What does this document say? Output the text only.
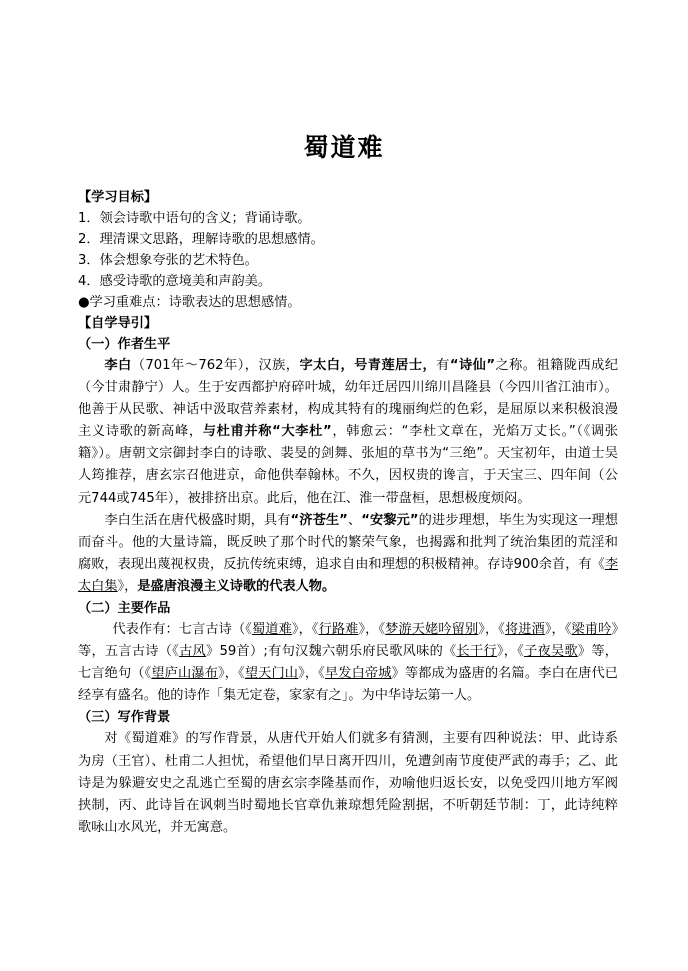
蜀道难
【学习目标】
1．领会诗歌中语句的含义；背诵诗歌。
2．理清课文思路，理解诗歌的思想感情。
3．体会想象夸张的艺术特色。
4．感受诗歌的意境美和声韵美。
●学习重难点：诗歌表达的思想感情。
【自学导引】
（一）作者生平

李白（701年～762年），汉族，字太白，号青莲居士，有“诗仙”之称。祖籍陇西成纪（今甘肃静宁）人。生于安西都护府碎叶城，幼年迁居四川绵川昌隆县（今四川省江油市）。他善于从民歌、神话中汲取营养素材，构成其特有的瑰丽绚烂的色彩，是屈原以来积极浪漫主义诗歌的新高峰，与杜甫并称“大李杜”，韩愈云：“李杜文章在，光焰万丈长。”（《调张籍》）。唐朝文宗御封李白的诗歌、裴旻的剑舞、张旭的草书为“三绝”。天宝初年，由道士吴人筠推荐，唐玄宗召他进京，命他供奉翰林。不久，因权贵的谗言，于天宝三、四年间（公元744或745年），被排挤出京。此后，他在江、淮一带盘桓，思想极度烦闷。

李白生活在唐代极盛时期，具有“济苍生”、“安黎元”的进步理想，毕生为实现这一理想而奋斗。他的大量诗篇，既反映了那个时代的繁荣气象，也揭露和批判了统治集团的荒淫和腐败，表现出蔑视权贵，反抗传统束缚，追求自由和理想的积极精神。存诗900余首，有《李太白集》，是盛唐浪漫主义诗歌的代表人物。

（二）主要作品

代表作有：七言古诗（《蜀道难》，《行路难》，《梦游天姥吟留别》，《将进酒》，《梁甫吟》等，五言古诗（《古风》59首）;有句汉魏六朝乐府民歌风味的《长干行》，《子夜吴歌》等，七言绝句（《望庐山瀑布》，《望天门山》，《早发白帝城》等都成为盛唐的名篇。李白在唐代已经享有盛名。他的诗作「集无定卷，家家有之」。为中华诗坛第一人。

（三）写作背景

对《蜀道难》的写作背景，从唐代开始人们就多有猜测，主要有四种说法：甲、此诗系为房（王官）、杜甫二人担忧，希望他们早日离开四川，免遭剑南节度使严武的毒手；乙、此诗是为躲避安史之乱逃亡至蜀的唐玄宗李隆基而作，劝喻他归返长安，以免受四川地方军阀挟制，丙、此诗旨在讽刺当时蜀地长官章仇兼琼想凭险割据，不听朝廷节制：丁，此诗纯粹歌咏山水风光，并无寓意。
